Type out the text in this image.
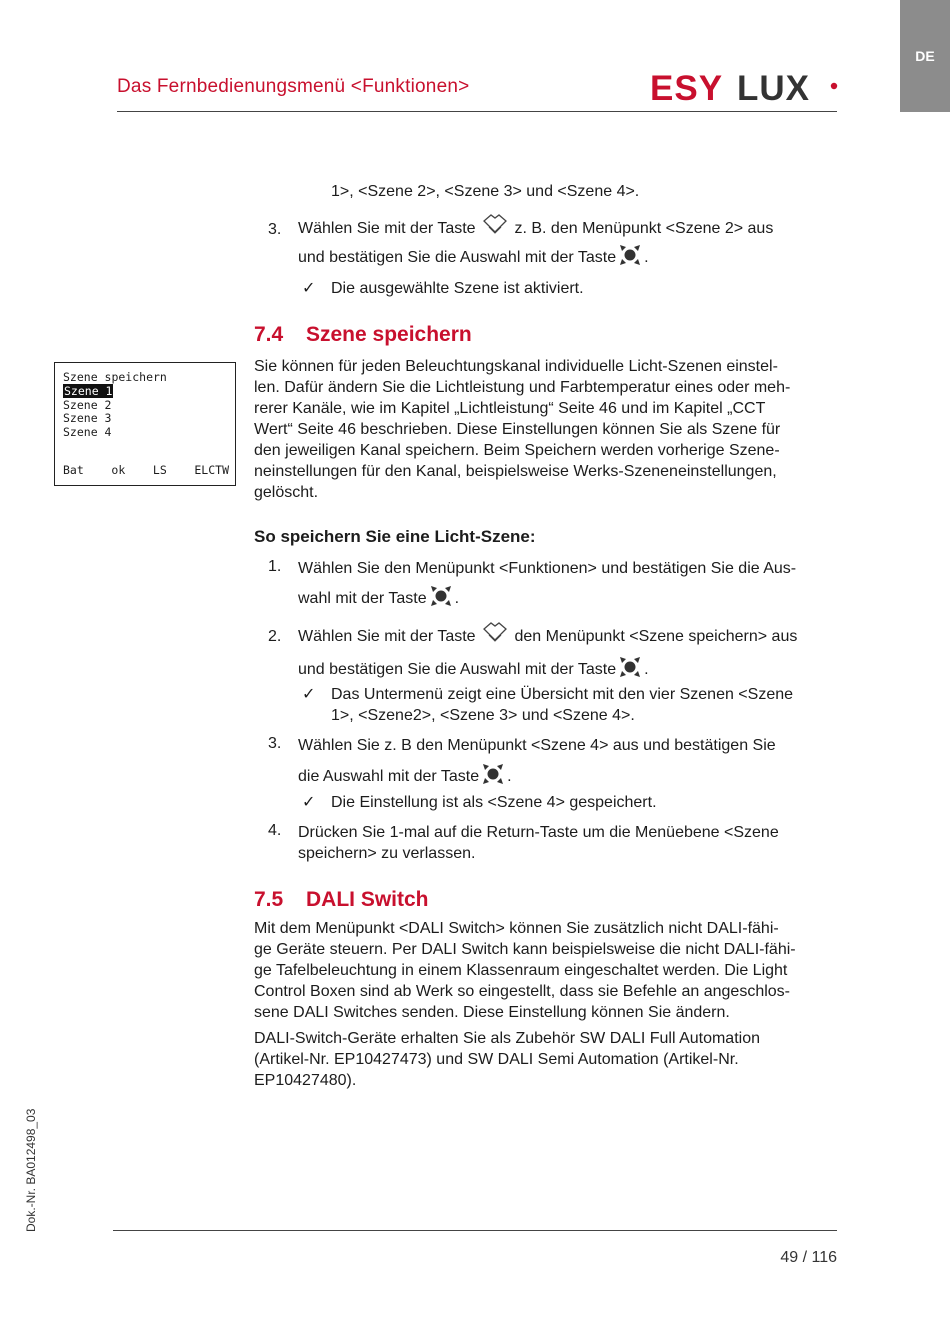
DE
Das Fernbedienungsmenü <Funktionen>	ESY LUX
1>, <Szene 2>, <Szene 3> und <Szene 4>.
3. Wählen Sie mit der Taste z. B. den Menüpunkt <Szene 2> aus
und bestätigen Sie die Auswahl mit der Taste .
✓ Die ausgewählte Szene ist aktiviert.
Szene speichern
Szene 1
Szene 2
Szene 3
Szene 4
Bat ok LS ELCTW
7.4 Szene speichern
Sie können für jeden Beleuchtungskanal individuelle Licht-Szenen einstel-
len. Dafür ändern Sie die Lichtleistung und Farbtemperatur eines oder meh-
rerer Kanäle, wie im Kapitel „Lichtleistung“ Seite 46 und im Kapitel „CCT
Wert“ Seite 46 beschrieben. Diese Einstellungen können Sie als Szene für
den jeweiligen Kanal speichern. Beim Speichern werden vorherige Szene-
neinstellungen für den Kanal, beispielsweise Werks-Szeneneinstellungen,
gelöscht.
So speichern Sie eine Licht-Szene:
1. Wählen Sie den Menüpunkt <Funktionen> und bestätigen Sie die Aus-
wahl mit der Taste .
2. Wählen Sie mit der Taste den Menüpunkt <Szene speichern> aus
und bestätigen Sie die Auswahl mit der Taste .
✓ Das Untermenü zeigt eine Übersicht mit den vier Szenen <Szene
1>, <Szene2>, <Szene 3> und <Szene 4>.
3. Wählen Sie z. B den Menüpunkt <Szene 4> aus und bestätigen Sie
die Auswahl mit der Taste .
✓ Die Einstellung ist als <Szene 4> gespeichert.
4. Drücken Sie 1-mal auf die Return-Taste um die Menüebene <Szene
speichern> zu verlassen.
7.5 DALI Switch
Mit dem Menüpunkt <DALI Switch> können Sie zusätzlich nicht DALI-fähi-
ge Geräte steuern. Per DALI Switch kann beispielsweise die nicht DALI-fähi-
ge Tafelbeleuchtung in einem Klassenraum eingeschaltet werden. Die Light
Control Boxen sind ab Werk so eingestellt, dass sie Befehle an angeschlos-
sene DALI Switches senden. Diese Einstellung können Sie ändern.
DALI-Switch-Geräte erhalten Sie als Zubehör SW DALI Full Automation
(Artikel-Nr. EP10427473) und SW DALI Semi Automation (Artikel-Nr.
EP10427480).
Dok.-Nr. BA012498_03
49 / 116
